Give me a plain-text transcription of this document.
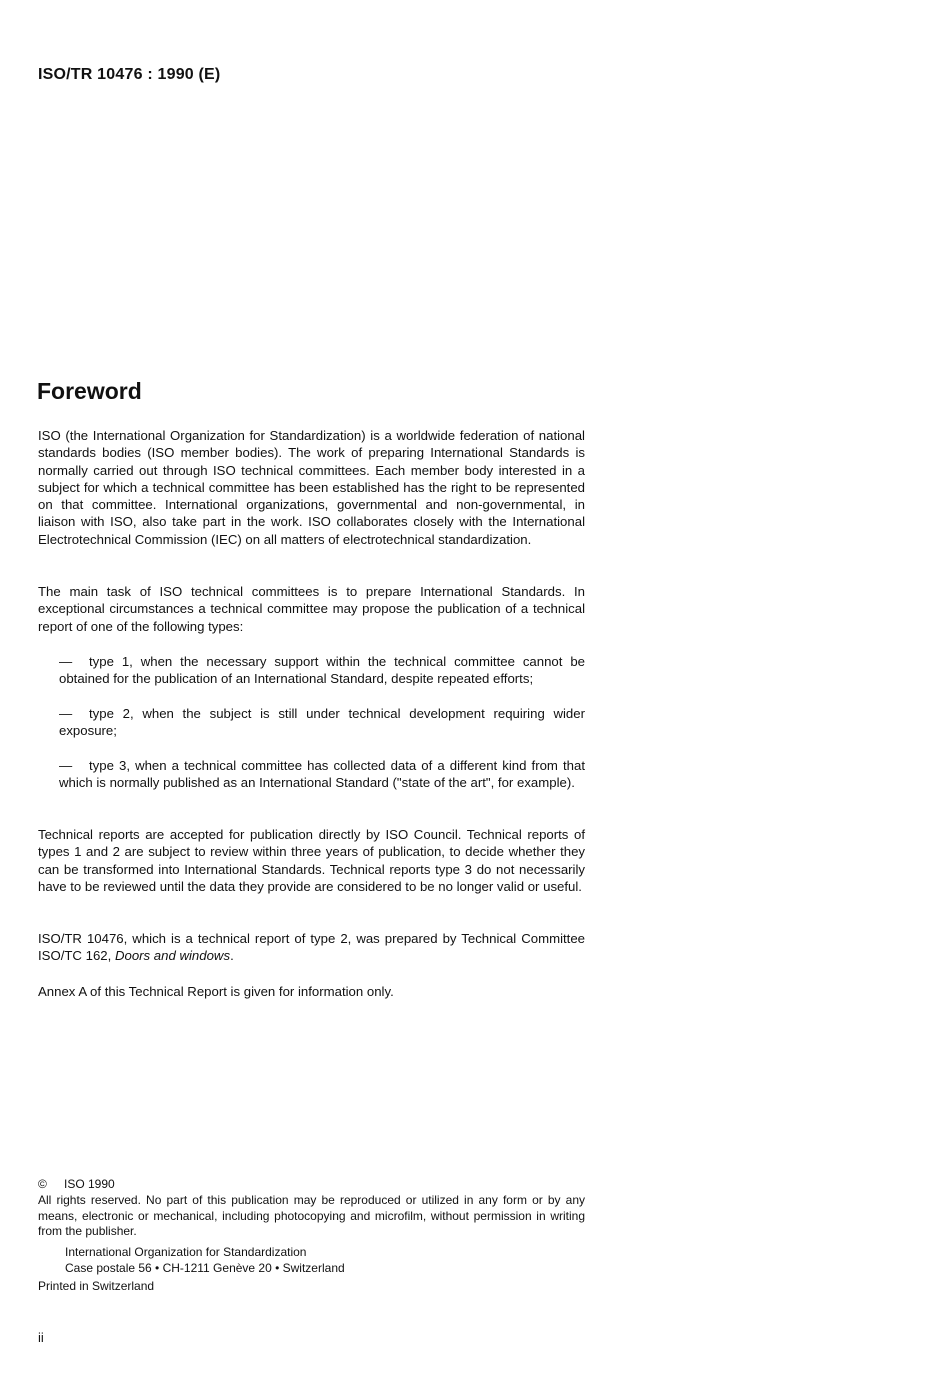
ISO/TR 10476 : 1990 (E)
Foreword

ISO (the International Organization for Standardization) is a worldwide federation of national standards bodies (ISO member bodies). The work of preparing International Standards is normally carried out through ISO technical committees. Each member body interested in a subject for which a technical committee has been established has the right to be represented on that committee. International organizations, governmental and non-governmental, in liaison with ISO, also take part in the work. ISO collaborates closely with the International Electrotechnical Commission (IEC) on all matters of electrotechnical standardization.

The main task of ISO technical committees is to prepare International Standards. In exceptional circumstances a technical committee may propose the publication of a technical report of one of the following types:

— type 1, when the necessary support within the technical committee cannot be obtained for the publication of an International Standard, despite repeated efforts;

— type 2, when the subject is still under technical development requiring wider exposure;

— type 3, when a technical committee has collected data of a different kind from that which is normally published as an International Standard ("state of the art", for example).

Technical reports are accepted for publication directly by ISO Council. Technical reports of types 1 and 2 are subject to review within three years of publication, to decide whether they can be transformed into International Standards. Technical reports type 3 do not necessarily have to be reviewed until the data they provide are considered to be no longer valid or useful.

ISO/TR 10476, which is a technical report of type 2, was prepared by Technical Committee ISO/TC 162, Doors and windows.

Annex A of this Technical Report is given for information only.

© ISO 1990

All rights reserved. No part of this publication may be reproduced or utilized in any form or by any means, electronic or mechanical, including photocopying and microfilm, without permission in writing from the publisher.

International Organization for Standardization
Case postale 56 • CH-1211 Genève 20 • Switzerland
Printed in Switzerland
ii
